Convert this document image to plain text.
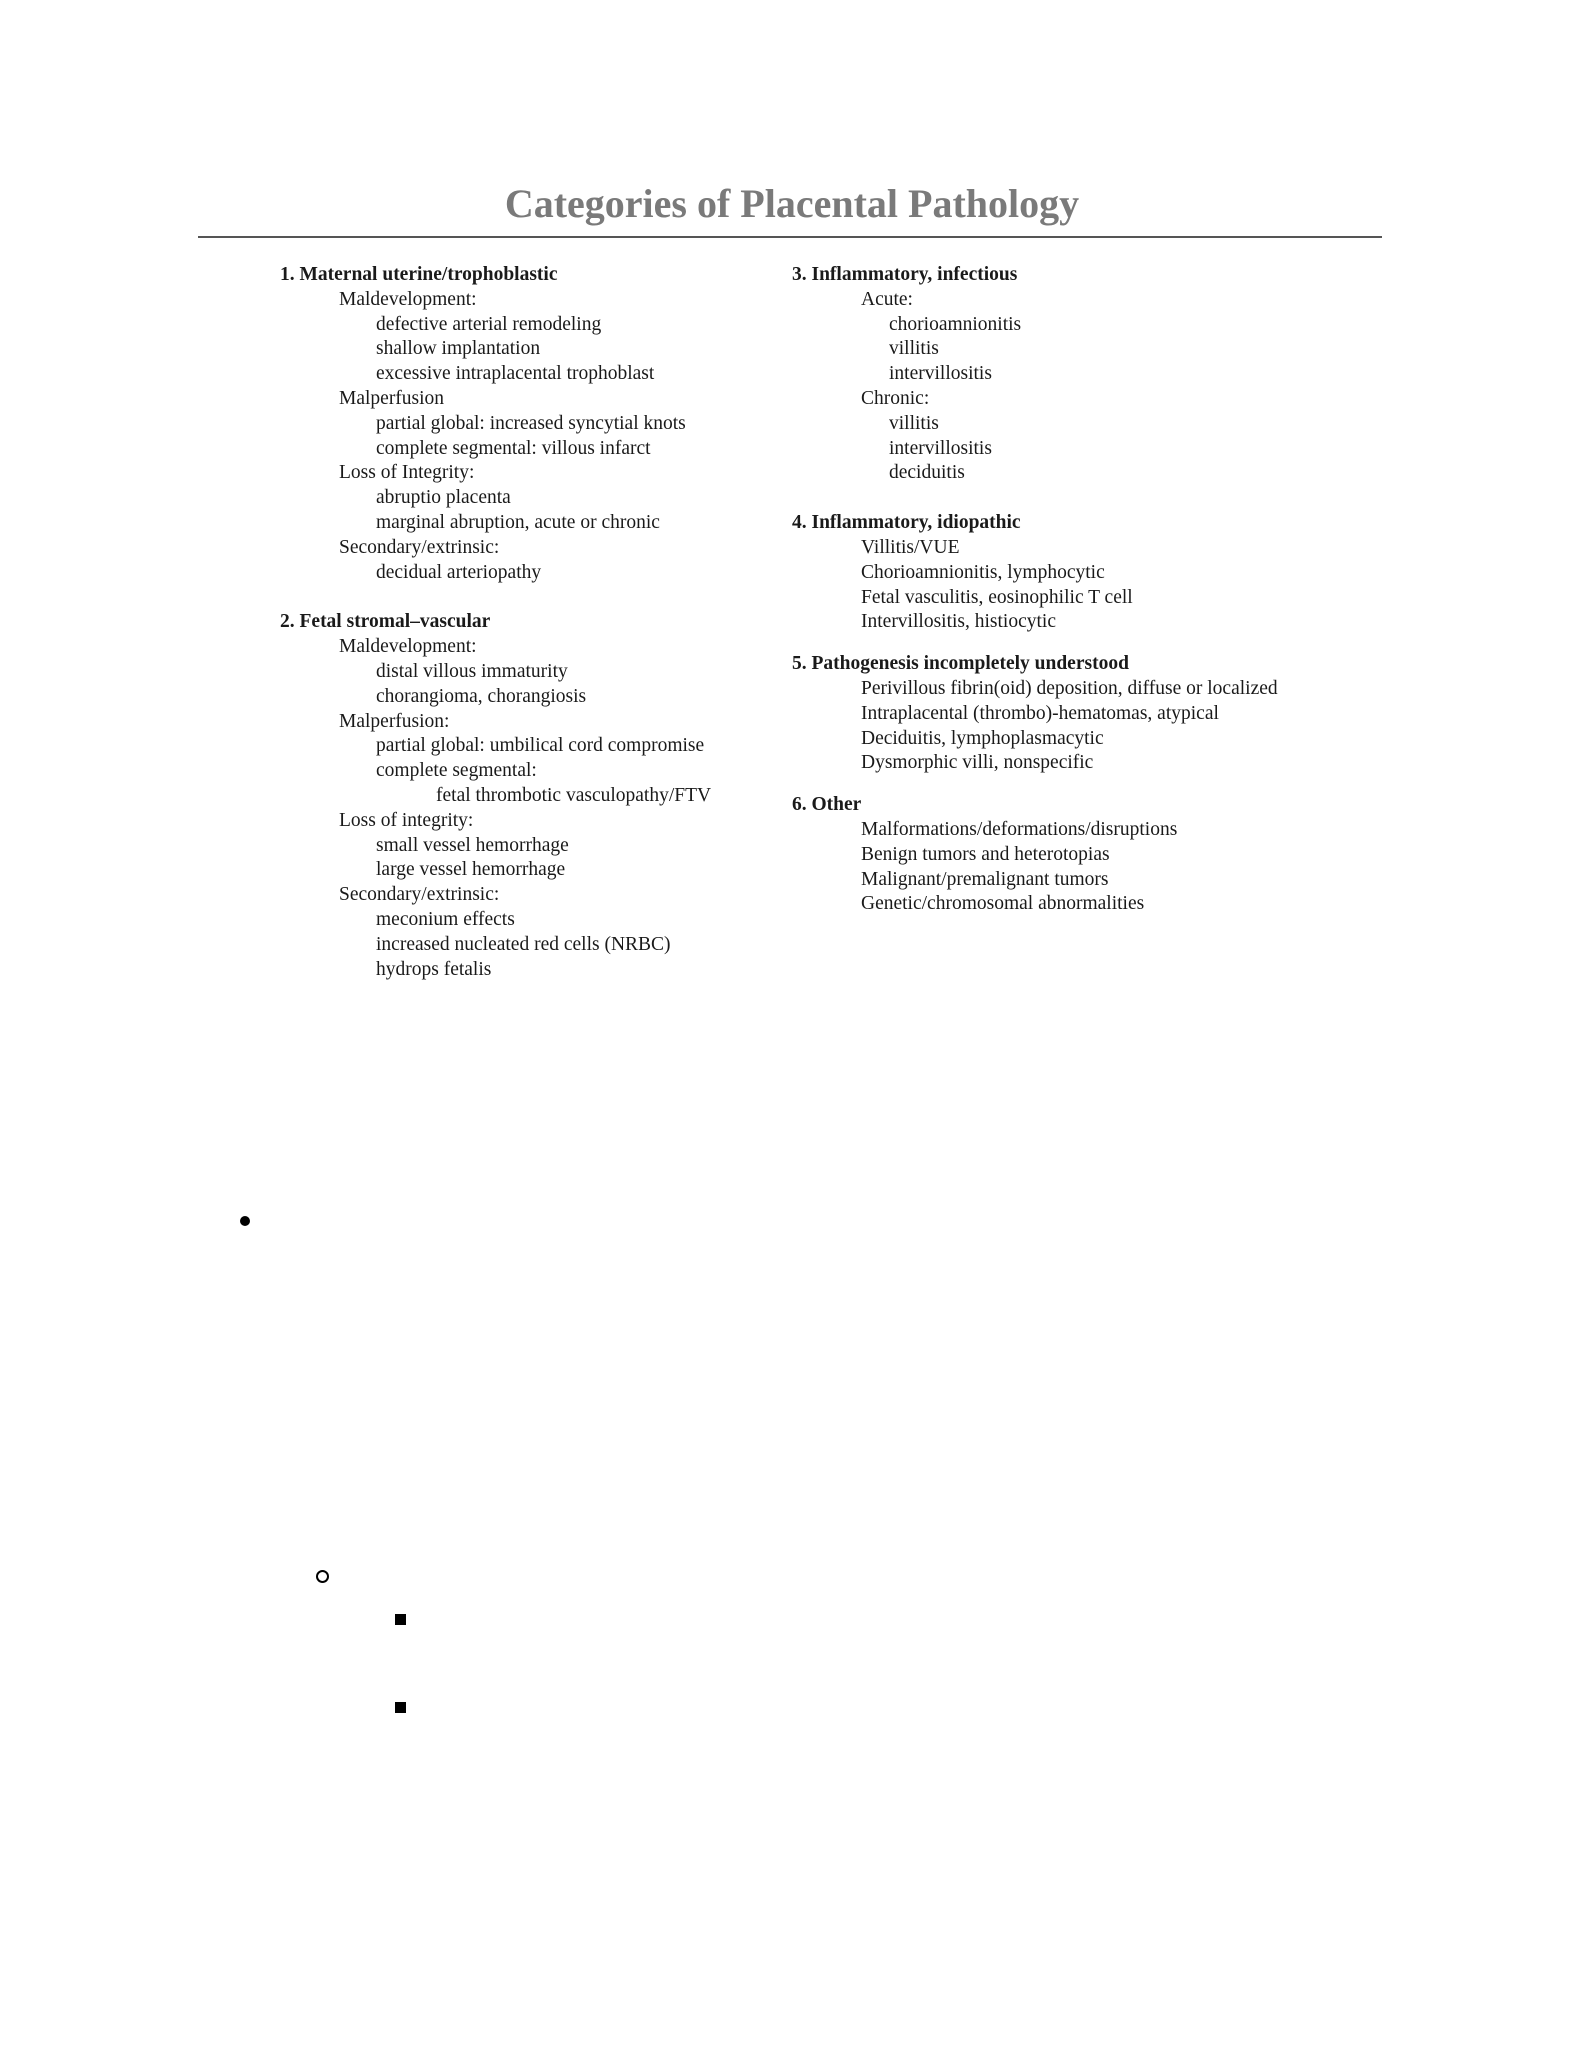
Categories of Placental Pathology

1. Maternal uterine/trophoblastic

Maldevelopment:

defective arterial remodeling

shallow implantation

excessive intraplacental trophoblast

Malperfusion

partial global: increased syncytial knots

complete segmental: villous infarct

Loss of Integrity:

abruptio placenta

marginal abruption, acute or chronic

Secondary/extrinsic:

decidual arteriopathy

2. Fetal stromal–vascular

Maldevelopment:

distal villous immaturity

chorangioma, chorangiosis

Malperfusion:

partial global: umbilical cord compromise

complete segmental:

fetal thrombotic vasculopathy/FTV

Loss of integrity:

small vessel hemorrhage

large vessel hemorrhage

Secondary/extrinsic:

meconium effects

increased nucleated red cells (NRBC)

hydrops fetalis

3. Inflammatory, infectious

Acute:

chorioamnionitis

villitis

intervillositis

Chronic:

villitis

intervillositis

deciduitis

4. Inflammatory, idiopathic

Villitis/VUE

Chorioamnionitis, lymphocytic

Fetal vasculitis, eosinophilic T cell

Intervillositis, histiocytic

5. Pathogenesis incompletely understood

Perivillous fibrin(oid) deposition, diffuse or localized

Intraplacental (thrombo)-hematomas, atypical

Deciduitis, lymphoplasmacytic

Dysmorphic villi, nonspecific

6. Other

Malformations/deformations/disruptions

Benign tumors and heterotopias

Malignant/premalignant tumors

Genetic/chromosomal abnormalities
